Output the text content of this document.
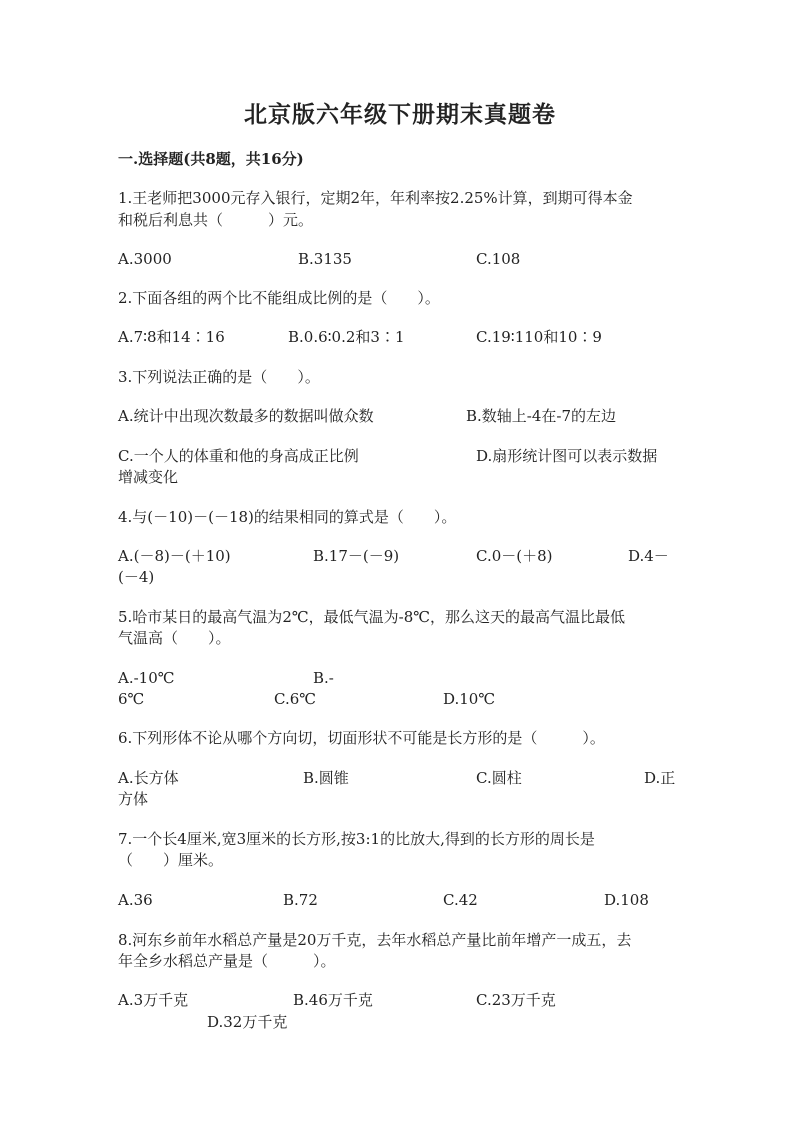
北京版六年级下册期末真题卷
一.选择题(共8题，共16分)
1.王老师把3000元存入银行，定期2年，年利率按2.25%计算，到期可得本金
和税后利息共（　　　）元。
A.3000	B.3135	C.108
2.下面各组的两个比不能组成比例的是（　　）。
A.7∶8和14∶16	B.0.6∶0.2和3∶1	C.19∶110和10∶9
3.下列说法正确的是（　　）。
A.统计中出现次数最多的数据叫做众数	B.数轴上-4在-7的左边
C.一个人的体重和他的身高成正比例	D.扇形统计图可以表示数据
增减变化
4.与(－10)－(－18)的结果相同的算式是（　　）。
A.(－8)－(＋10)	B.17－(－9)	C.0－(＋8)	D.4－
(－4)
5.哈市某日的最高气温为2℃，最低气温为-8℃，那么这天的最高气温比最低
气温高（　　）。
A.-10℃	B.-
6℃	C.6℃	D.10℃
6.下列形体不论从哪个方向切，切面形状不可能是长方形的是（　　　）。
A.长方体	B.圆锥	C.圆柱	D.正
方体
7.一个长4厘米,宽3厘米的长方形,按3:1的比放大,得到的长方形的周长是
（　　）厘米。
A.36	B.72	C.42	D.108
8.河东乡前年水稻总产量是20万千克，去年水稻总产量比前年增产一成五，去
年全乡水稻总产量是（　　　）。
A.3万千克	B.46万千克	C.23万千克
D.32万千克
